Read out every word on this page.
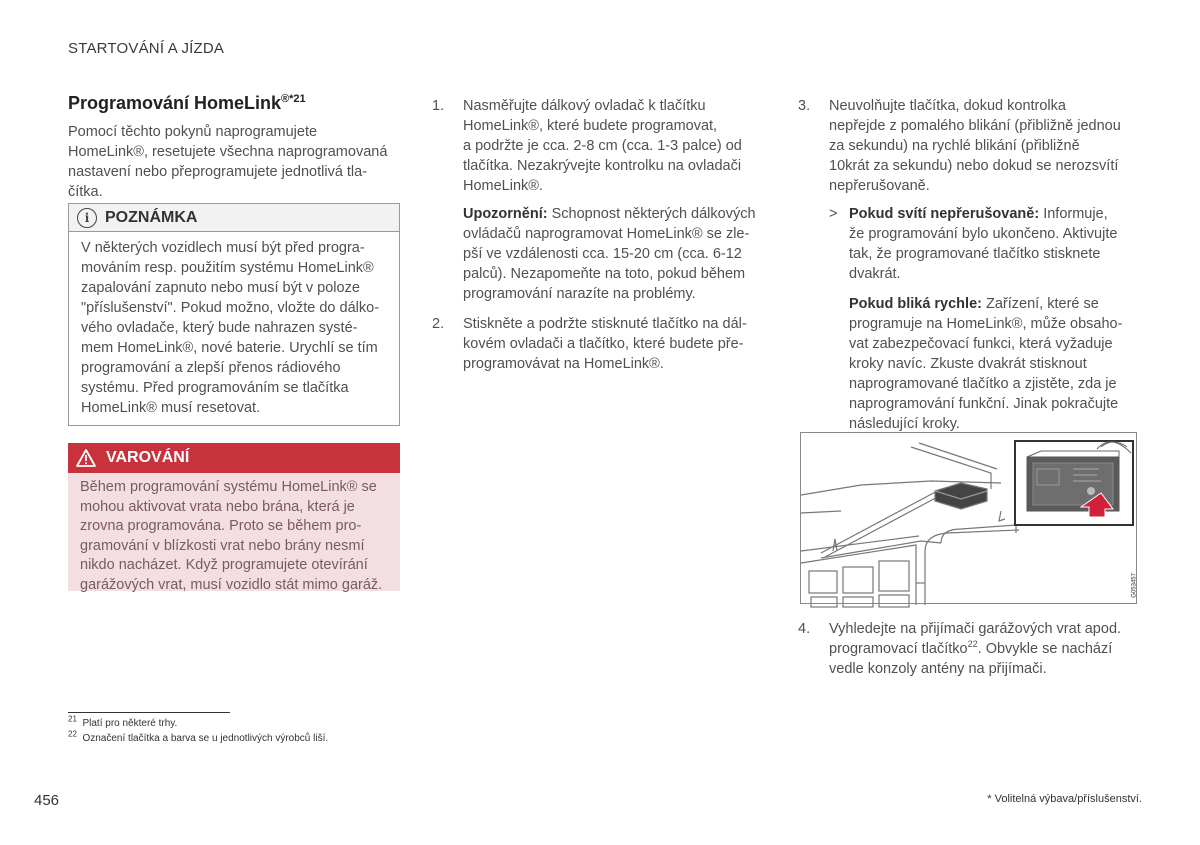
STARTOVÁNÍ A JÍZDA
Programování HomeLink$^{®*21}$
Pomocí těchto pokynů naprogramujete
HomeLink®, resetujete všechna naprogramovaná
nastavení nebo přeprogramujete jednotlivá tla-
čítka.
i POZNÁMKA
V některých vozidlech musí být před progra-
mováním resp. použitím systému HomeLink®
zapalování zapnuto nebo musí být v poloze
"příslušenství". Pokud možno, vložte do dálko-
vého ovladače, který bude nahrazen systé-
mem HomeLink®, nové baterie. Urychlí se tím
programování a zlepší přenos rádiového
systému. Před programováním se tlačítka
HomeLink® musí resetovat.
VAROVÁNÍ
Během programování systému HomeLink® se
mohou aktivovat vrata nebo brána, která je
zrovna programována. Proto se během pro-
gramování v blízkosti vrat nebo brány nesmí
nikdo nacházet. Když programujete otevírání
garážových vrat, musí vozidlo stát mimo garáž.
1. Nasměřujte dálkový ovladač k tlačítku
HomeLink®, které budete programovat,
a podržte je cca. 2-8 cm (cca. 1-3 palce) od
tlačítka. Nezakrývejte kontrolku na ovladači
HomeLink®.
Upozornění: Schopnost některých dálkových
ovládačů naprogramovat HomeLink® se zle-
pší ve vzdálenosti cca. 15-20 cm (cca. 6-12
palců). Nezapomeňte na toto, pokud během
programování narazíte na problémy.
2. Stiskněte a podržte stisknuté tlačítko na dál-
kovém ovladači a tlačítko, které budete pře-
programovávat na HomeLink®.
3. Neuvolňujte tlačítka, dokud kontrolka
nepřejde z pomalého blikání (přibližně jednou
za sekundu) na rychlé blikání (přibližně
10krát za sekundu) nebo dokud se nerozsvítí
nepřerušovaně.
> Pokud svítí nepřerušovaně: Informuje,
že programování bylo ukončeno. Aktivujte
tak, že programované tlačítko stisknete
dvakrát.
Pokud bliká rychle: Zařízení, které se
programuje na HomeLink®, může obsaho-
vat zabezpečovací funkci, která vyžaduje
kroky navíc. Zkuste dvakrát stisknout
naprogramované tlačítko a zjistěte, zda je
naprogramování funkční. Jinak pokračujte
následující kroky.
G053457
4. Vyhledejte na přijímači garážových vrat apod.
programovací tlačítko$^{22}$. Obvykle se nachází
vedle konzoly antény na přijímači.
$^{21}$ Platí pro některé trhy.
$^{22}$ Označení tlačítka a barva se u jednotlivých výrobců liší.
456	* Volitelná výbava/příslušenství.
